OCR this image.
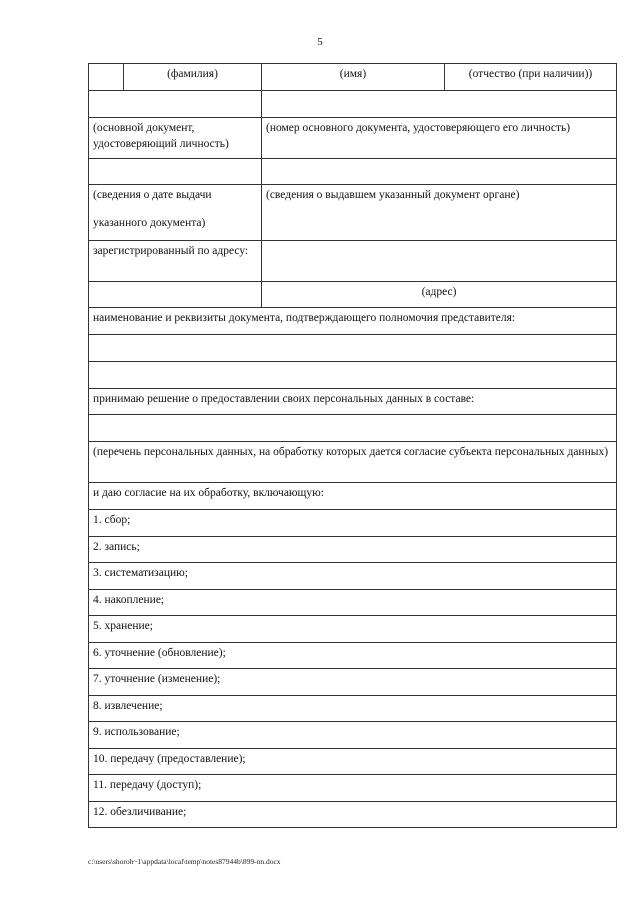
5
	(фамилия)	(имя)	(отчество (при наличии))

(основной документ, удостоверяющий личность)		(номер основного документа, удостоверяющего его личность)	

(сведения о дате выдачи
указанного документа)		(сведения о выдавшем указанный документ органе)	
зарегистрированный по адресу:			
		(адрес)	
наименование и реквизиты документа, подтверждающего полномочия представителя:			

принимаю решение о предоставлении своих персональных данных в составе:			

(перечень персональных данных, на обработку которых дается согласие субъекта персональных данных)			
и даю согласие на их обработку, включающую:			
1. сбор;			
2. запись;			
3. систематизацию;			
4. накопление;			
5. хранение;			
6. уточнение (обновление);			
7. уточнение (изменение);			
8. извлечение;			
9. использование;			
10. передачу (предоставление);			
11. передачу (доступ);			
12. обезличивание;			
c:\users\shoroh~1\appdata\local\temp\notes87944b\899-nn.docx
